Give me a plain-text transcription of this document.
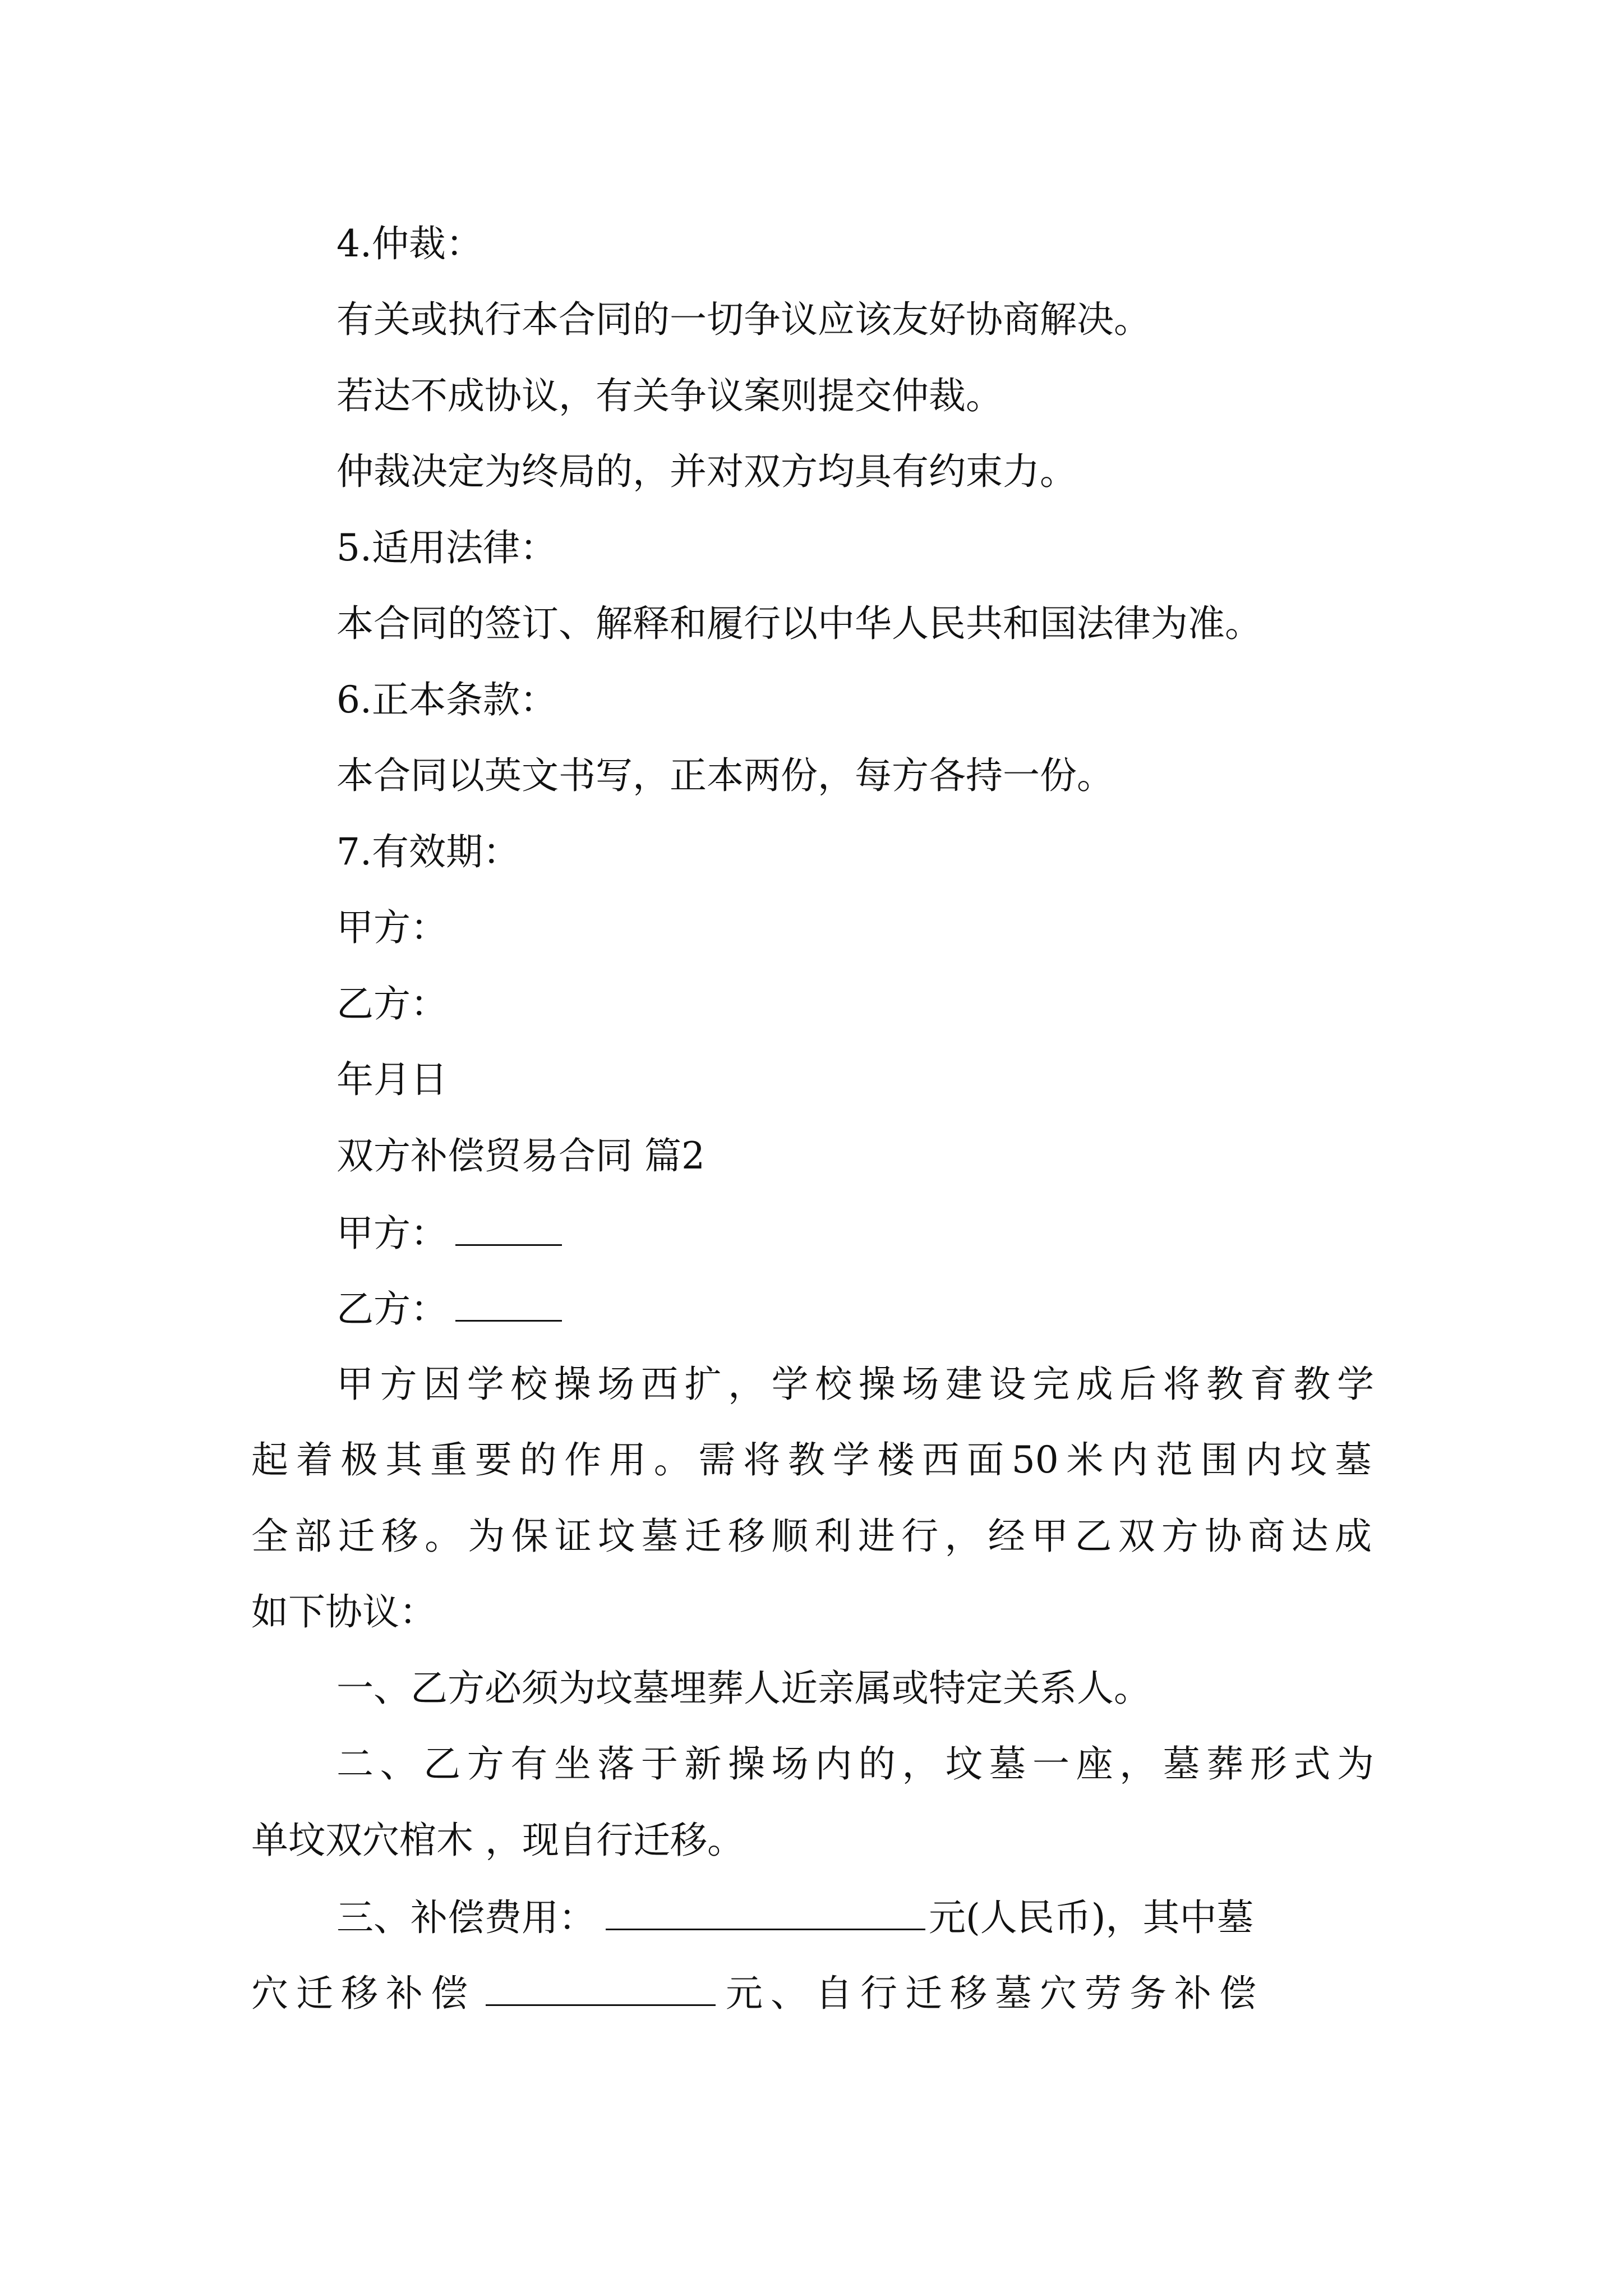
4.仲裁：
有关或执行本合同的一切争议应该友好协商解决。
若达不成协议，有关争议案则提交仲裁。
仲裁决定为终局的，并对双方均具有约束力。
5.适用法律：
本合同的签订、解释和履行以中华人民共和国法律为准。
6.正本条款：
本合同以英文书写，正本两份，每方各持一份。
7.有效期：
甲方：
乙方：
年月日
双方补偿贸易合同 篇2
甲方：
乙方：
甲方因学校操场西扩，学校操场建设完成后将教育教学
起着极其重要的作用。需将教学楼西面50米内范围内坟墓
全部迁移。为保证坟墓迁移顺利进行，经甲乙双方协商达成
如下协议：
一、乙方必须为坟墓埋葬人近亲属或特定关系人。
二、乙方有坐落于新操场内的，坟墓一座，墓葬形式为
单坟双穴棺木 ，现自行迁移。
三、补偿费用：	元(人民币)，其中墓
穴迁移补偿	元、自行迁移墓穴劳务补偿
